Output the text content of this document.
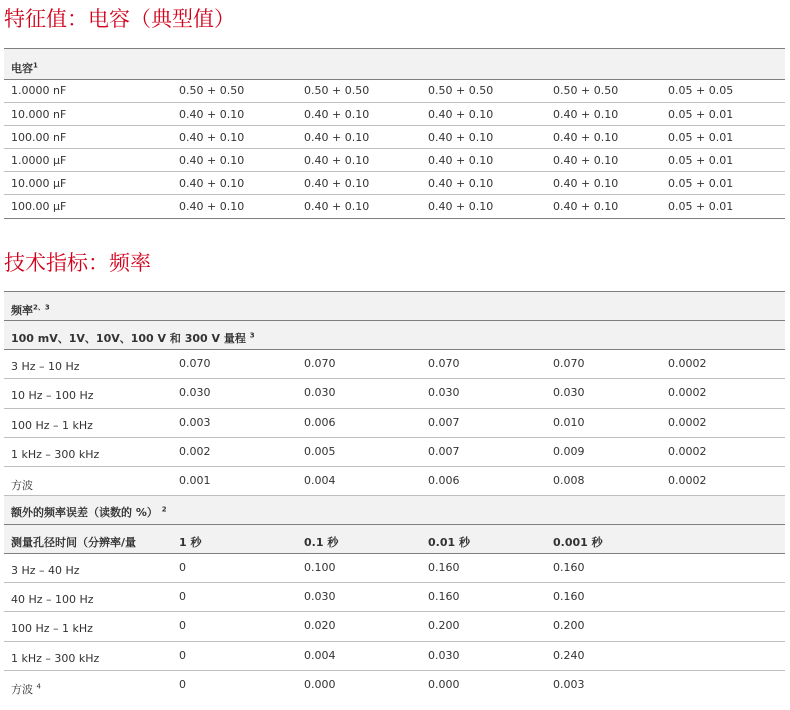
特征值：电容（典型值）
电容$^1$
1.0000 nF	0.50 + 0.50	0.50 + 0.50	0.50 + 0.50	0.50 + 0.50	0.05 + 0.05
10.000 nF	0.40 + 0.10	0.40 + 0.10	0.40 + 0.10	0.40 + 0.10	0.05 + 0.01
100.00 nF	0.40 + 0.10	0.40 + 0.10	0.40 + 0.10	0.40 + 0.10	0.05 + 0.01
1.0000 μF	0.40 + 0.10	0.40 + 0.10	0.40 + 0.10	0.40 + 0.10	0.05 + 0.01
10.000 μF	0.40 + 0.10	0.40 + 0.10	0.40 + 0.10	0.40 + 0.10	0.05 + 0.01
100.00 μF	0.40 + 0.10	0.40 + 0.10	0.40 + 0.10	0.40 + 0.10	0.05 + 0.01
技术指标：频率
频率$^{2、3}$
100 mV、1V、10V、100 V 和 300 V 量程 $^3$
3 Hz – 10 Hz	0.070	0.070	0.070	0.070	0.0002
10 Hz – 100 Hz	0.030	0.030	0.030	0.030	0.0002
100 Hz – 1 kHz	0.003	0.006	0.007	0.010	0.0002
1 kHz – 300 kHz	0.002	0.005	0.007	0.009	0.0002
方波	0.001	0.004	0.006	0.008	0.0002
额外的频率误差（读数的 %） $^2$
测量孔径时间（分辨率/量	1 秒	0.1 秒	0.01 秒	0.001 秒
3 Hz – 40 Hz	0	0.100	0.160	0.160
40 Hz – 100 Hz	0	0.030	0.160	0.160
100 Hz – 1 kHz	0	0.020	0.200	0.200
1 kHz – 300 kHz	0	0.004	0.030	0.240
方波 $^4$	0	0.000	0.000	0.003
